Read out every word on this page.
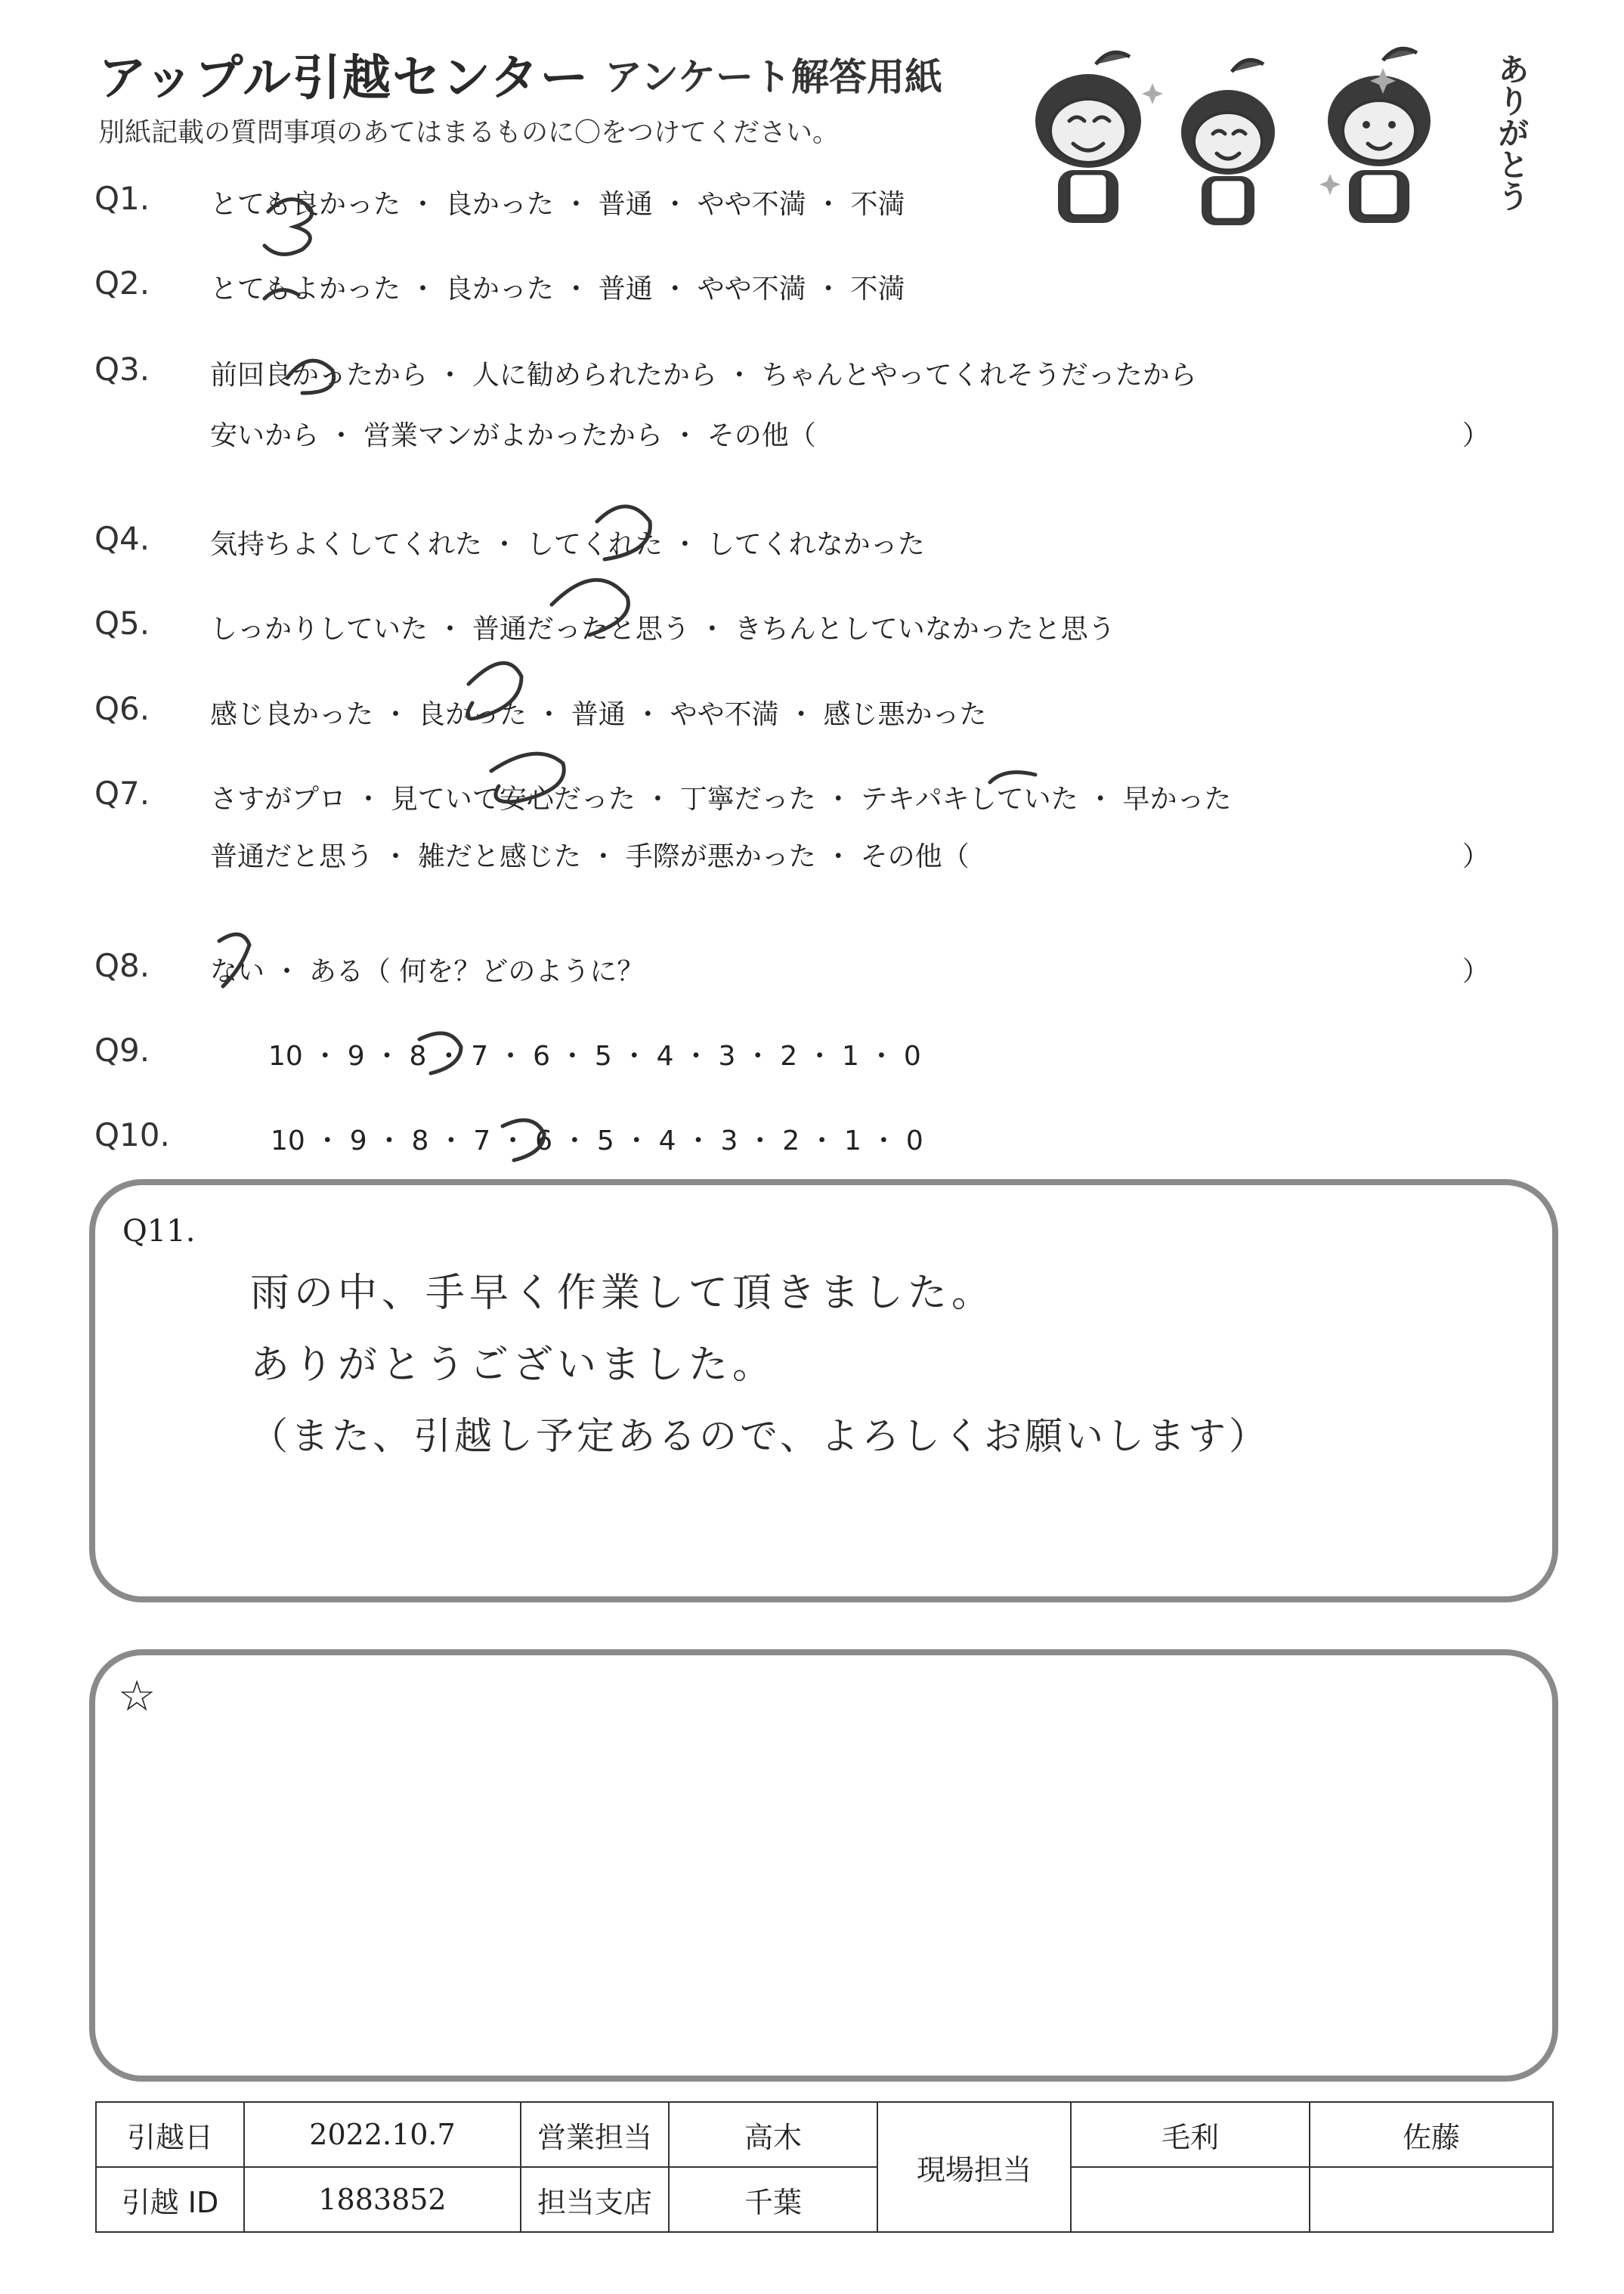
アップル引越センター アンケート解答用紙
別紙記載の質問事項のあてはまるものに〇をつけてください。	ありがとう
Q1. とても良かった ・ 良かった ・ 普通 ・ やや不満 ・ 不満
Q2. とてもよかった ・ 良かった ・ 普通 ・ やや不満 ・ 不満
Q3. 前回良かったから ・ 人に勧められたから ・ ちゃんとやってくれそうだったから
安いから ・ 営業マンがよかったから ・ その他（	）
Q4. 気持ちよくしてくれた ・ してくれた ・ してくれなかった
Q5. しっかりしていた ・ 普通だったと思う ・ きちんとしていなかったと思う
Q6. 感じ良かった ・ 良かった ・ 普通 ・ やや不満 ・ 感じ悪かった
Q7. さすがプロ ・ 見ていて安心だった ・ 丁寧だった ・ テキパキしていた ・ 早かった
普通だと思う ・ 雑だと感じた ・ 手際が悪かった ・ その他（	）
Q8. ない ・ ある（ 何を？どのように？	）
Q9.	10 ・ 9 ・ 8 ・ 7 ・ 6 ・ 5 ・ 4 ・ 3 ・ 2 ・ 1 ・ 0
Q10.	10 ・ 9 ・ 8 ・ 7 ・ 6 ・ 5 ・ 4 ・ 3 ・ 2 ・ 1 ・ 0
Q11.
雨の中、手早く作業して頂きました。
ありがとうございました。
（また、引越し予定あるので、よろしくお願いします）
☆
引越日	2022.10.7	営業担当	高木	現場担当	毛利	佐藤
引越 ID	1883852	担当支店	千葉			
